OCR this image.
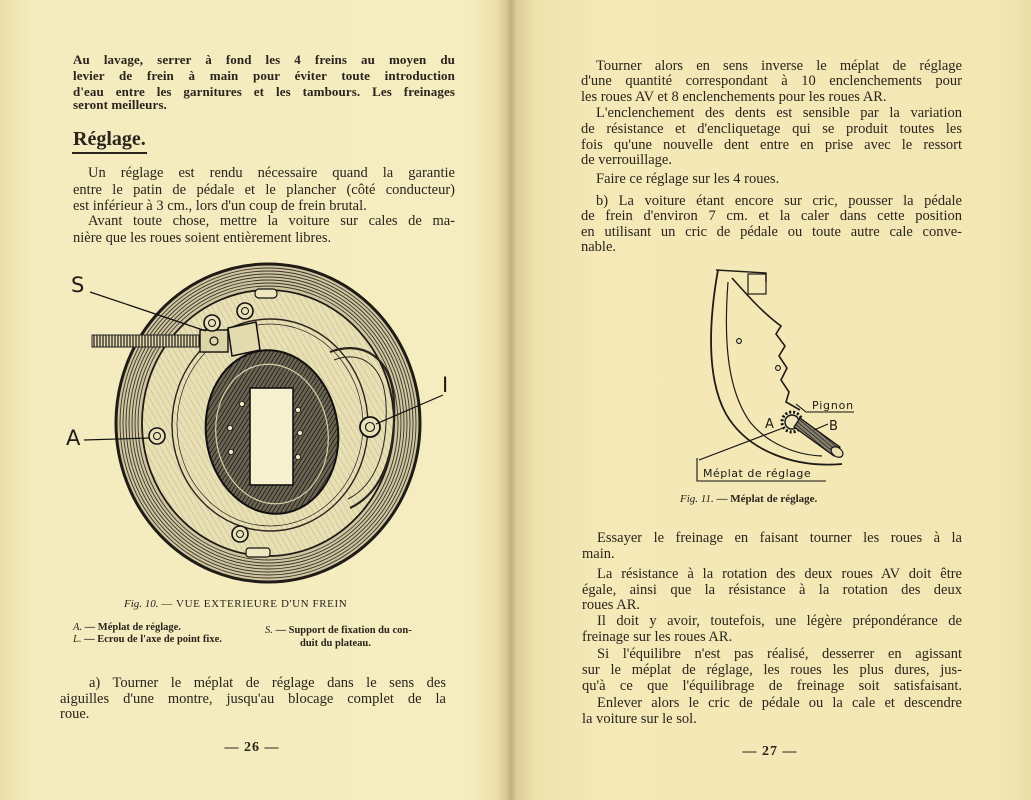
Au lavage, serrer à fond les 4 freins au moyen du
levier de frein à main pour éviter toute introduction
d'eau entre les garnitures et les tambours. Les freinages
seront meilleurs.
Réglage.
Un réglage est rendu nécessaire quand la garantie
entre le patin de pédale et le plancher (côté conducteur)
est inférieur à 3 cm., lors d'un coup de frein brutal.
Avant toute chose, mettre la voiture sur cales de ma-
nière que les roues soient entièrement libres.
S
A
I
Fig. 10. — VUE EXTERIEURE D'UN FREIN
A. — Méplat de réglage.
L. — Ecrou de l'axe de point fixe.
S. — Support de fixation du con-
duit du plateau.
a) Tourner le méplat de réglage dans le sens des
aiguilles d'une montre, jusqu'au blocage complet de la
roue.
— 26 —
Tourner alors en sens inverse le méplat de réglage
d'une quantité correspondant à 10 enclenchements pour
les roues AV et 8 enclenchements pour les roues AR.
L'enclenchement des dents est sensible par la variation
de résistance et d'encliquetage qui se produit toutes les
fois qu'une nouvelle dent entre en prise avec le ressort
de verrouillage.
Faire ce réglage sur les 4 roues.
b) La voiture étant encore sur cric, pousser la pédale
de frein d'environ 7 cm. et la caler dans cette position
en utilisant un cric de pédale ou toute autre cale conve-
nable.
Pignon
A	B
Méplat de réglage
Fig. 11. — Méplat de réglage.
Essayer le freinage en faisant tourner les roues à la
main.
La résistance à la rotation des deux roues AV doit être
égale, ainsi que la résistance à la rotation des deux
roues AR.
Il doit y avoir, toutefois, une légère prépondérance de
freinage sur les roues AR.
Si l'équilibre n'est pas réalisé, desserrer en agissant
sur le méplat de réglage, les roues les plus dures, jus-
qu'à ce que l'équilibrage de freinage soit satisfaisant.
Enlever alors le cric de pédale ou la cale et descendre
la voiture sur le sol.
— 27 —
